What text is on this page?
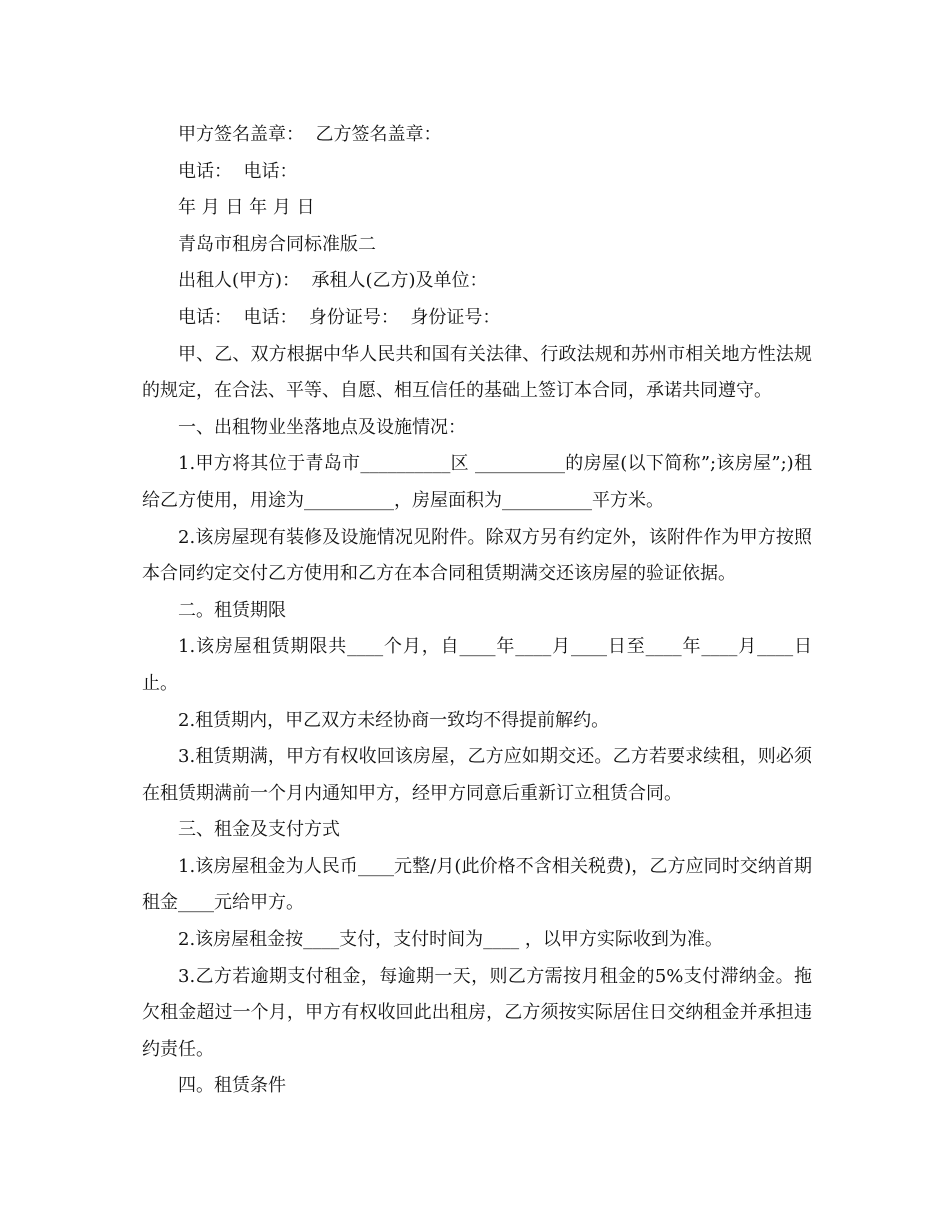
甲方签名盖章：  乙方签名盖章：

电话：  电话：

年 月 日 年 月 日

青岛市租房合同标准版二

出租人(甲方)：  承租人(乙方)及单位：

电话：  电话：  身份证号：  身份证号：

甲、乙、双方根据中华人民共和国有关法律、行政法规和苏州市相关地方性法规的规定，在合法、平等、自愿、相互信任的基础上签订本合同，承诺共同遵守。

一、出租物业坐落地点及设施情况：

1.甲方将其位于青岛市__________区 __________的房屋(以下简称”;该房屋”;)租给乙方使用，用途为__________，房屋面积为__________平方米。

2.该房屋现有装修及设施情况见附件。除双方另有约定外，该附件作为甲方按照本合同约定交付乙方使用和乙方在本合同租赁期满交还该房屋的验证依据。

二。租赁期限

1.该房屋租赁期限共____个月，自____年____月____日至____年____月____日止。

2.租赁期内，甲乙双方未经协商一致均不得提前解约。

3.租赁期满，甲方有权收回该房屋，乙方应如期交还。乙方若要求续租，则必须在租赁期满前一个月内通知甲方，经甲方同意后重新订立租赁合同。

三、租金及支付方式

1.该房屋租金为人民币____元整/月(此价格不含相关税费)，乙方应同时交纳首期租金____元给甲方。

2.该房屋租金按____支付，支付时间为____ ，以甲方实际收到为准。

3.乙方若逾期支付租金，每逾期一天，则乙方需按月租金的5%支付滞纳金。拖欠租金超过一个月，甲方有权收回此出租房，乙方须按实际居住日交纳租金并承担违约责任。

四。租赁条件
